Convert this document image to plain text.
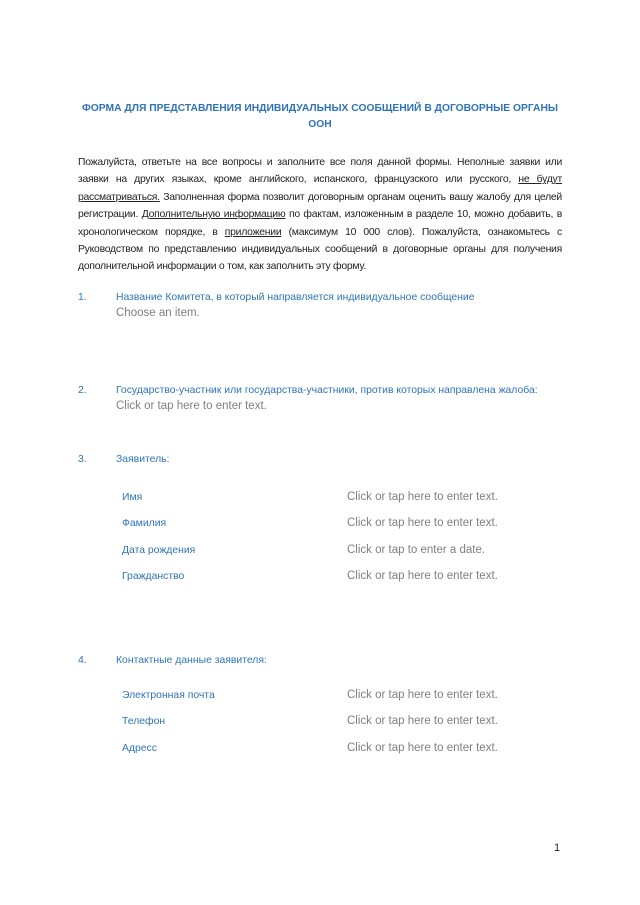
ФОРМА ДЛЯ ПРЕДСТАВЛЕНИЯ ИНДИВИДУАЛЬНЫХ СООБЩЕНИЙ В ДОГОВОРНЫЕ ОРГАНЫ ООН
Пожалуйста, ответьте на все вопросы и заполните все поля данной формы. Неполные заявки или заявки на других языках, кроме английского, испанского, французского или русского, не будут рассматриваться. Заполненная форма позволит договорным органам оценить вашу жалобу для целей регистрации. Дополнительную информацию по фактам, изложенным в разделе 10, можно добавить, в хронологическом порядке, в приложении (максимум 10 000 слов). Пожалуйста, ознакомьтесь с Руководством по представлению индивидуальных сообщений в договорные органы для получения дополнительной информации о том, как заполнить эту форму.
1.	Название Комитета, в который направляется индивидуальное сообщение
Choose an item.
2.	Государство-участник или государства-участники, против которых направлена жалоба:
Click or tap here to enter text.
3.	Заявитель:
Имя	Click or tap here to enter text.
Фамилия	Click or tap here to enter text.
Дата рождения	Click or tap to enter a date.
Гражданство	Click or tap here to enter text.
4.	Контактные данные заявителя:
Электронная почта	Click or tap here to enter text.
Телефон	Click or tap here to enter text.
Адресс	Click or tap here to enter text.
1
